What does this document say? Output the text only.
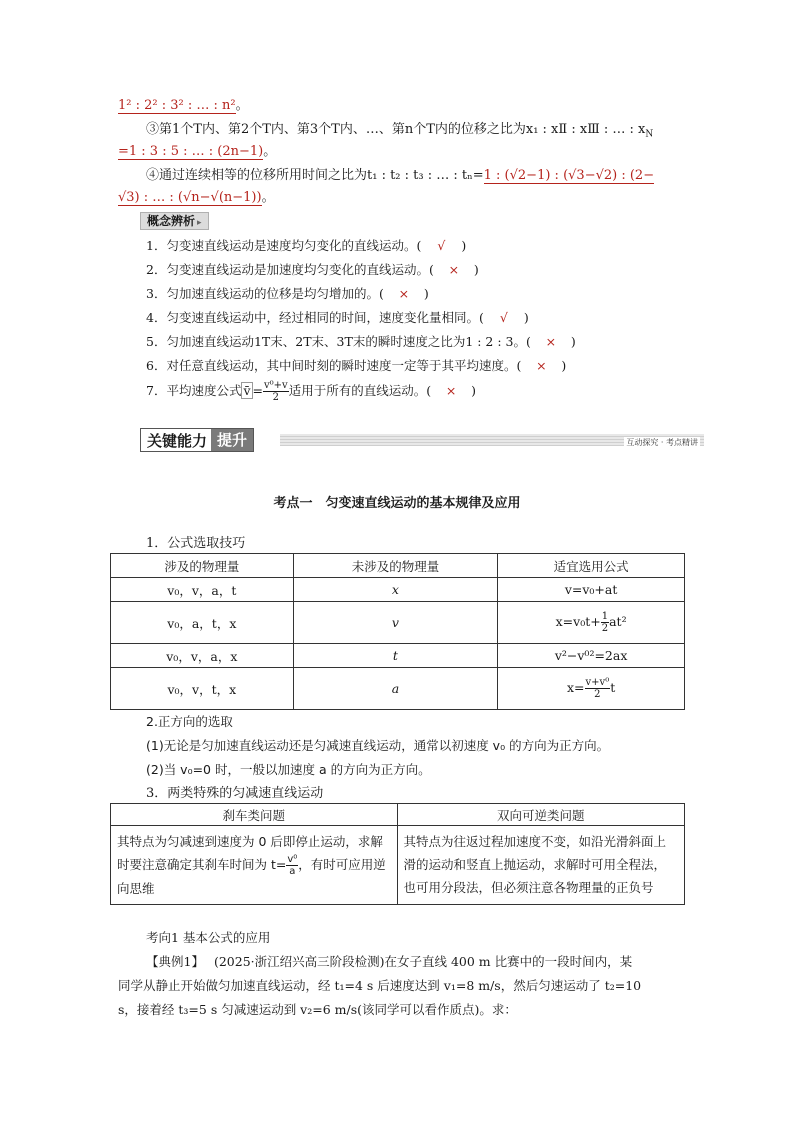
1² : 2² : 3² : … : n²。
③第1个T内、第2个T内、第3个T内、…、第n个T内的位移之比为x₁ : xⅡ : xⅢ : … : $x_N$
=1 : 3 : 5 : … : (2n−1)。
④通过连续相等的位移所用时间之比为t₁ : t₂ : t₃ : … : tₙ=1 : (√2−1) : (√3−√2) : (2−
√3) : … : (√n−√(n−1))。
概念辨析 ▸
1．匀变速直线运动是速度均匀变化的直线运动。( √ )
2．匀变速直线运动是加速度均匀变化的直线运动。( × )
3．匀加速直线运动的位移是均匀增加的。( × )
4．匀变速直线运动中，经过相同的时间，速度变化量相同。( √ )
5．匀加速直线运动1T末、2T末、3T末的瞬时速度之比为1 : 2 : 3。( × )
6．对任意直线运动，其中间时刻的瞬时速度一定等于其平均速度。( × )
7．平均速度公式 v̄ = $\frac{\text{v⁰+v}}{2}$ 适用于所有的直线运动。( × )
关键能力 提升	互动探究 · 考点精讲
考点一　匀变速直线运动的基本规律及应用
1．公式选取技巧
涉及的物理量	未涉及的物理量	适宜选用公式
v₀，v，a，t	x	v=v₀+at
v₀，a，t，x	v	$x=v_0t+ \frac{1}{2} at^2$
v₀，v，a，x	t	v²−v⁰²=2ax
v₀，v，t，x	a	$x= \frac{\text{v+v⁰}}{2}$ t
2.正方向的选取
(1)无论是匀加速直线运动还是匀减速直线运动，通常以初速度 v₀ 的方向为正方向。
(2)当 v₀=0 时，一般以加速度 a 的方向为正方向。
3．两类特殊的匀减速直线运动
刹车类问题	双向可逆类问题
其特点为匀减速到速度为 0 后即停止运动，求解时要注意确定其刹车时间为 $t= \frac{\text{v⁰}}{a}$ ，有时可应用逆向思维	其特点为往返过程加速度不变，如沿光滑斜面上滑的运动和竖直上抛运动，求解时可用全程法，也可用分段法，但必须注意各物理量的正负号
考向1 基本公式的应用
【典例1】 (2025·浙江绍兴高三阶段检测)在女子直线 400 m 比赛中的一段时间内，某
同学从静止开始做匀加速直线运动，经 t₁=4 s 后速度达到 v₁=8 m/s，然后匀速运动了 t₂=10
s，接着经 t₃=5 s 匀减速运动到 v₂=6 m/s(该同学可以看作质点)。求：
